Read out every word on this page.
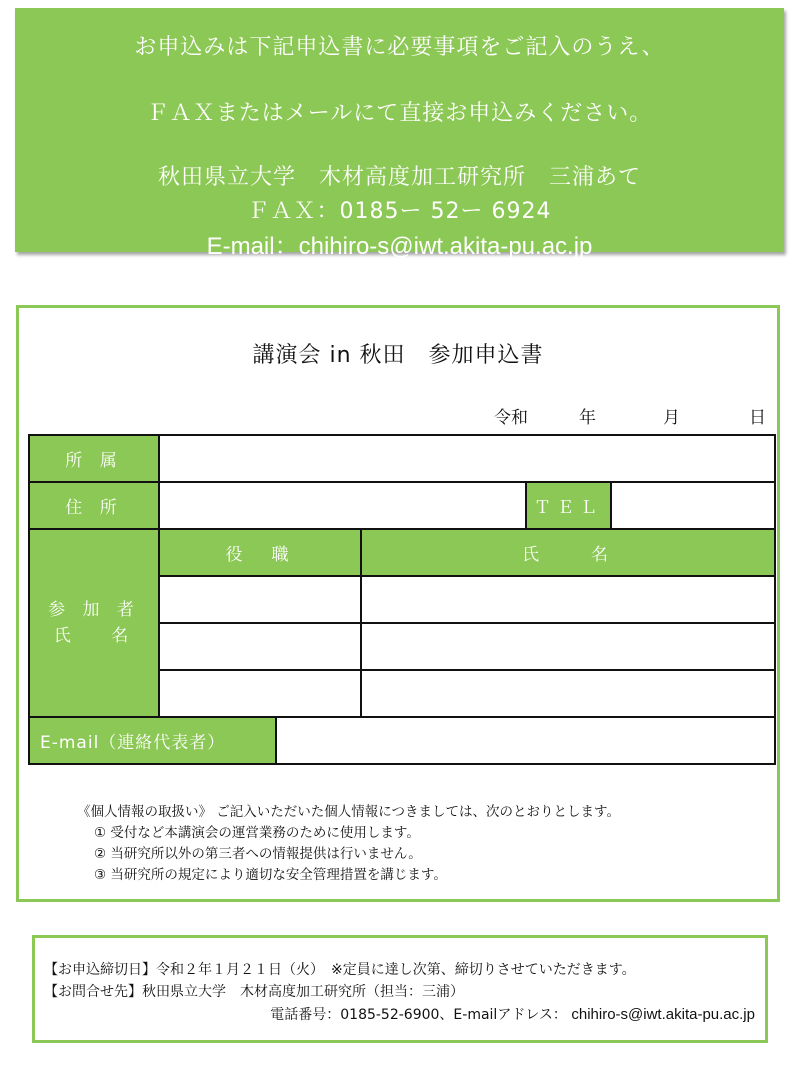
お申込みは下記申込書に必要事項をご記入のうえ、
ＦＡＸまたはメールにて直接お申込みください。
秋田県立大学　木材高度加工研究所　三浦あて
ＦＡＸ：0185ー 52ー 6924
E-mail：chihiro-s@iwt.akita-pu.ac.jp
講演会 in 秋田　参加申込書
令和	年	月	日
所 属					
住 所				ＴＥＬ	

参 加 者
氏　 名	役　職		氏　　名		

E-mail（連絡代表者）					
《個人情報の取扱い》 ご記入いただいた個人情報につきましては、次のとおりとします。
① 受付など本講演会の運営業務のために使用します。
② 当研究所以外の第三者への情報提供は行いません。
③ 当研究所の規定により適切な安全管理措置を講じます。
【お申込締切日】令和２年１月２１日（火）　※定員に達し次第、締切りさせていただきます。
【お問合せ先】秋田県立大学　木材高度加工研究所（担当：三浦）
電話番号：0185-52-6900、E-mailアドレス： chihiro-s@iwt.akita-pu.ac.jp
